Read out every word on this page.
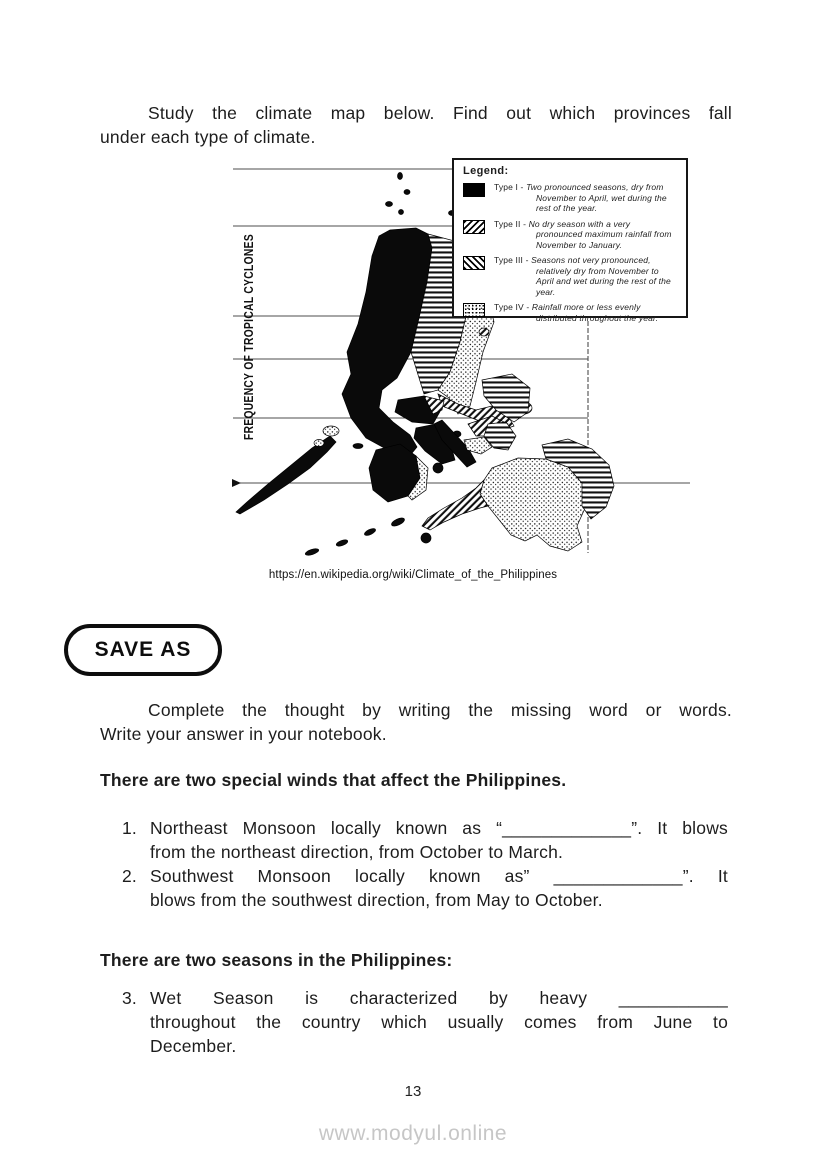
Study the climate map below. Find out which provinces fall
under each type of climate.

FREQUENCY OF TROPICAL CYCLONES
Legend:
Type I - Two pronounced seasons, dry from November to April, wet during the rest of the year.
Type II - No dry season with a very pronounced maximum rainfall from November to January.
Type III - Seasons not very pronounced, relatively dry from November to April and wet during the rest of the year.
Type IV - Rainfall more or less evenly distributed throughout the year.
https://en.wikipedia.org/wiki/Climate_of_the_Philippines
SAVE AS

Complete the thought by writing the missing word or words.
Write your answer in your notebook.

There are two special winds that affect the Philippines.
1. Northeast Monsoon locally known as “_____________”. It blows
from the northeast direction, from October to March.
2. Southwest Monsoon locally known as” _____________”. It
blows from the southwest direction, from May to October.
There are two seasons in the Philippines:
3. Wet Season is characterized by heavy ___________
throughout the country which usually comes from June to
December.
13
www.modyul.online
